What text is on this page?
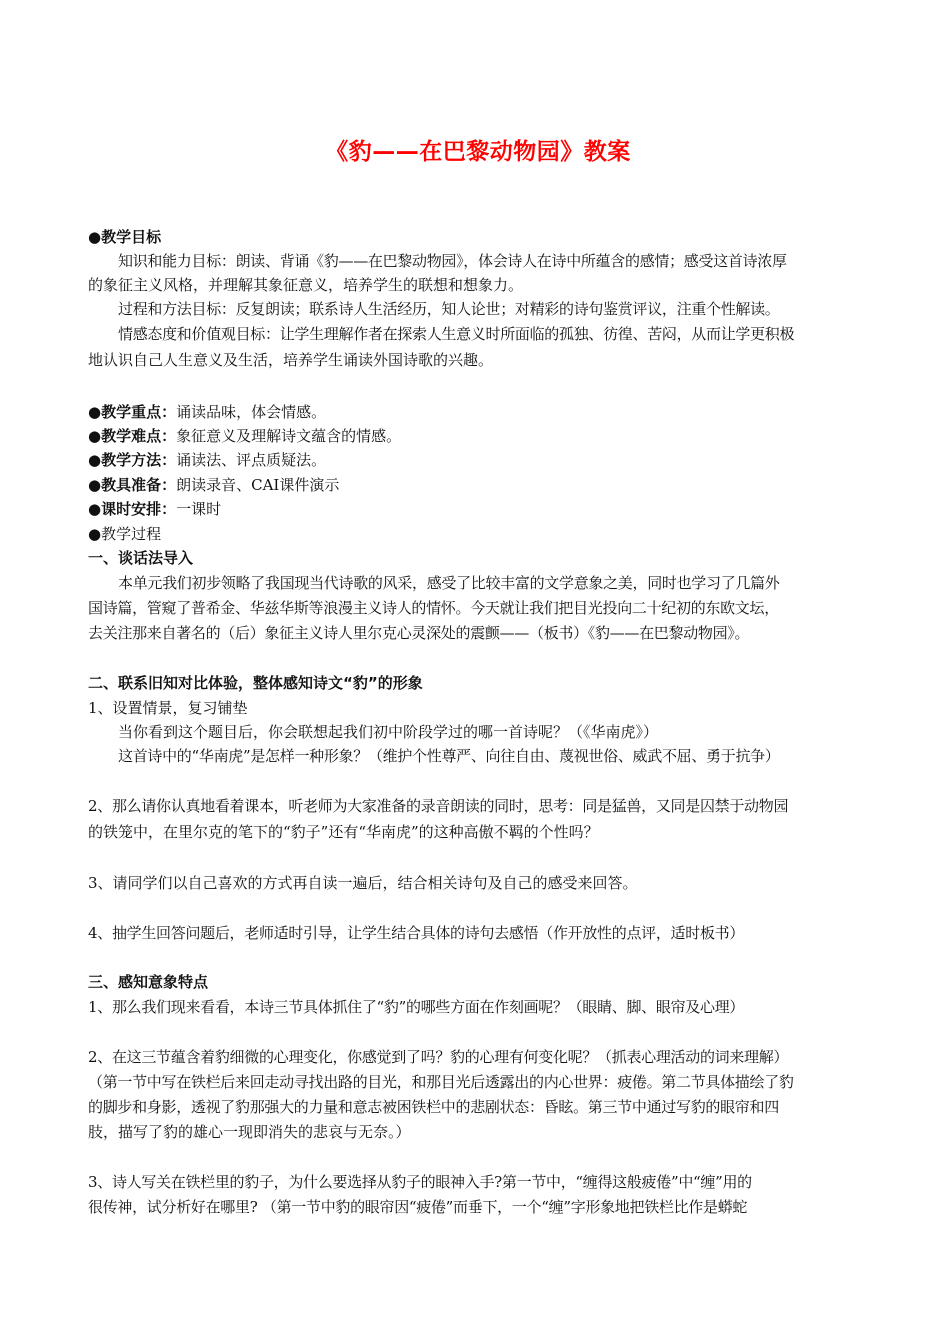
《豹——在巴黎动物园》教案
●教学目标
知识和能力目标：朗读、背诵《豹——在巴黎动物园》，体会诗人在诗中所蕴含的感情；感受这首诗浓厚
的象征主义风格，并理解其象征意义，培养学生的联想和想象力。
过程和方法目标：反复朗读；联系诗人生活经历，知人论世；对精彩的诗句鉴赏评议，注重个性解读。
情感态度和价值观目标：让学生理解作者在探索人生意义时所面临的孤独、彷徨、苦闷，从而让学更积极
地认识自己人生意义及生活，培养学生诵读外国诗歌的兴趣。
●教学重点：诵读品味，体会情感。
●教学难点：象征意义及理解诗文蕴含的情感。
●教学方法：诵读法、评点质疑法。
●教具准备：朗读录音、CAI课件演示
●课时安排：一课时
●教学过程
一、谈话法导入
本单元我们初步领略了我国现当代诗歌的风采，感受了比较丰富的文学意象之美，同时也学习了几篇外
国诗篇，管窥了普希金、华兹华斯等浪漫主义诗人的情怀。今天就让我们把目光投向二十纪初的东欧文坛，
去关注那来自著名的（后）象征主义诗人里尔克心灵深处的震颤——（板书）《豹——在巴黎动物园》。
二、联系旧知对比体验，整体感知诗文“豹”的形象
1、设置情景，复习铺垫
当你看到这个题目后，你会联想起我们初中阶段学过的哪一首诗呢？（《华南虎》）
这首诗中的“华南虎”是怎样一种形象？（维护个性尊严、向往自由、蔑视世俗、威武不屈、勇于抗争）
2、那么请你认真地看着课本，听老师为大家准备的录音朗读的同时，思考：同是猛兽，又同是囚禁于动物园
的铁笼中，在里尔克的笔下的“豹子”还有“华南虎”的这种高傲不羁的个性吗？
3、请同学们以自己喜欢的方式再自读一遍后，结合相关诗句及自己的感受来回答。
4、抽学生回答问题后，老师适时引导，让学生结合具体的诗句去感悟（作开放性的点评，适时板书）
三、感知意象特点
1、那么我们现来看看，本诗三节具体抓住了“豹”的哪些方面在作刻画呢？（眼睛、脚、眼帘及心理）
2、在这三节蕴含着豹细微的心理变化，你感觉到了吗？豹的心理有何变化呢？（抓表心理活动的词来理解）
（第一节中写在铁栏后来回走动寻找出路的目光，和那目光后透露出的内心世界：疲倦。第二节具体描绘了豹
的脚步和身影，透视了豹那强大的力量和意志被困铁栏中的悲剧状态：昏眩。第三节中通过写豹的眼帘和四
肢，描写了豹的雄心一现即消失的悲哀与无奈。）
3、诗人写关在铁栏里的豹子，为什么要选择从豹子的眼神入手?第一节中，“缠得这般疲倦”中“缠”用的
很传神，试分析好在哪里? （第一节中豹的眼帘因“疲倦”而垂下，一个“缠”字形象地把铁栏比作是蟒蛇
